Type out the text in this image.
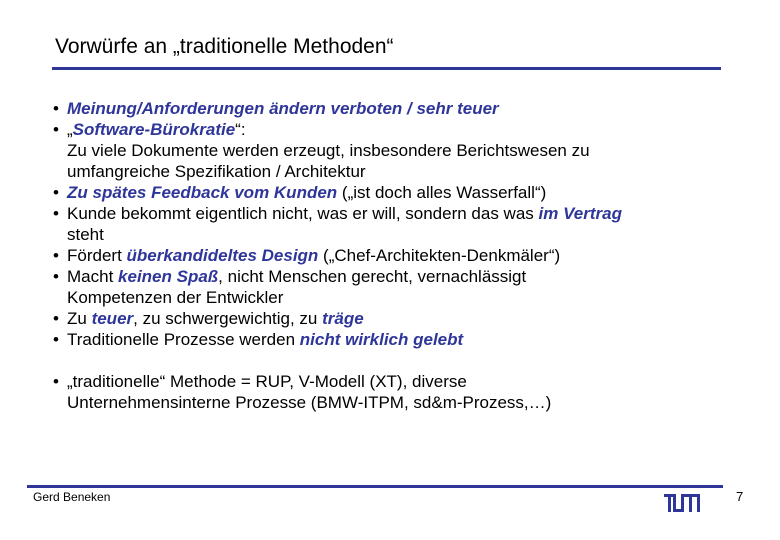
Vorwürfe an „traditionelle Methoden“
• Meinung/Anforderungen ändern verboten / sehr teuer
• „Software-Bürokratie“:
Zu viele Dokumente werden erzeugt, insbesondere Berichtswesen zu
umfangreiche Spezifikation / Architektur
• Zu spätes Feedback vom Kunden („ist doch alles Wasserfall“)
• Kunde bekommt eigentlich nicht, was er will, sondern das was im Vertrag
steht
• Fördert überkandideltes Design („Chef-Architekten-Denkmäler“)
• Macht keinen Spaß, nicht Menschen gerecht, vernachlässigt
Kompetenzen der Entwickler
• Zu teuer, zu schwergewichtig, zu träge
• Traditionelle Prozesse werden nicht wirklich gelebt
• „traditionelle“ Methode = RUP, V-Modell (XT), diverse
Unternehmensinterne Prozesse (BMW-ITPM, sd&m-Prozess,…)
Gerd Beneken	7
